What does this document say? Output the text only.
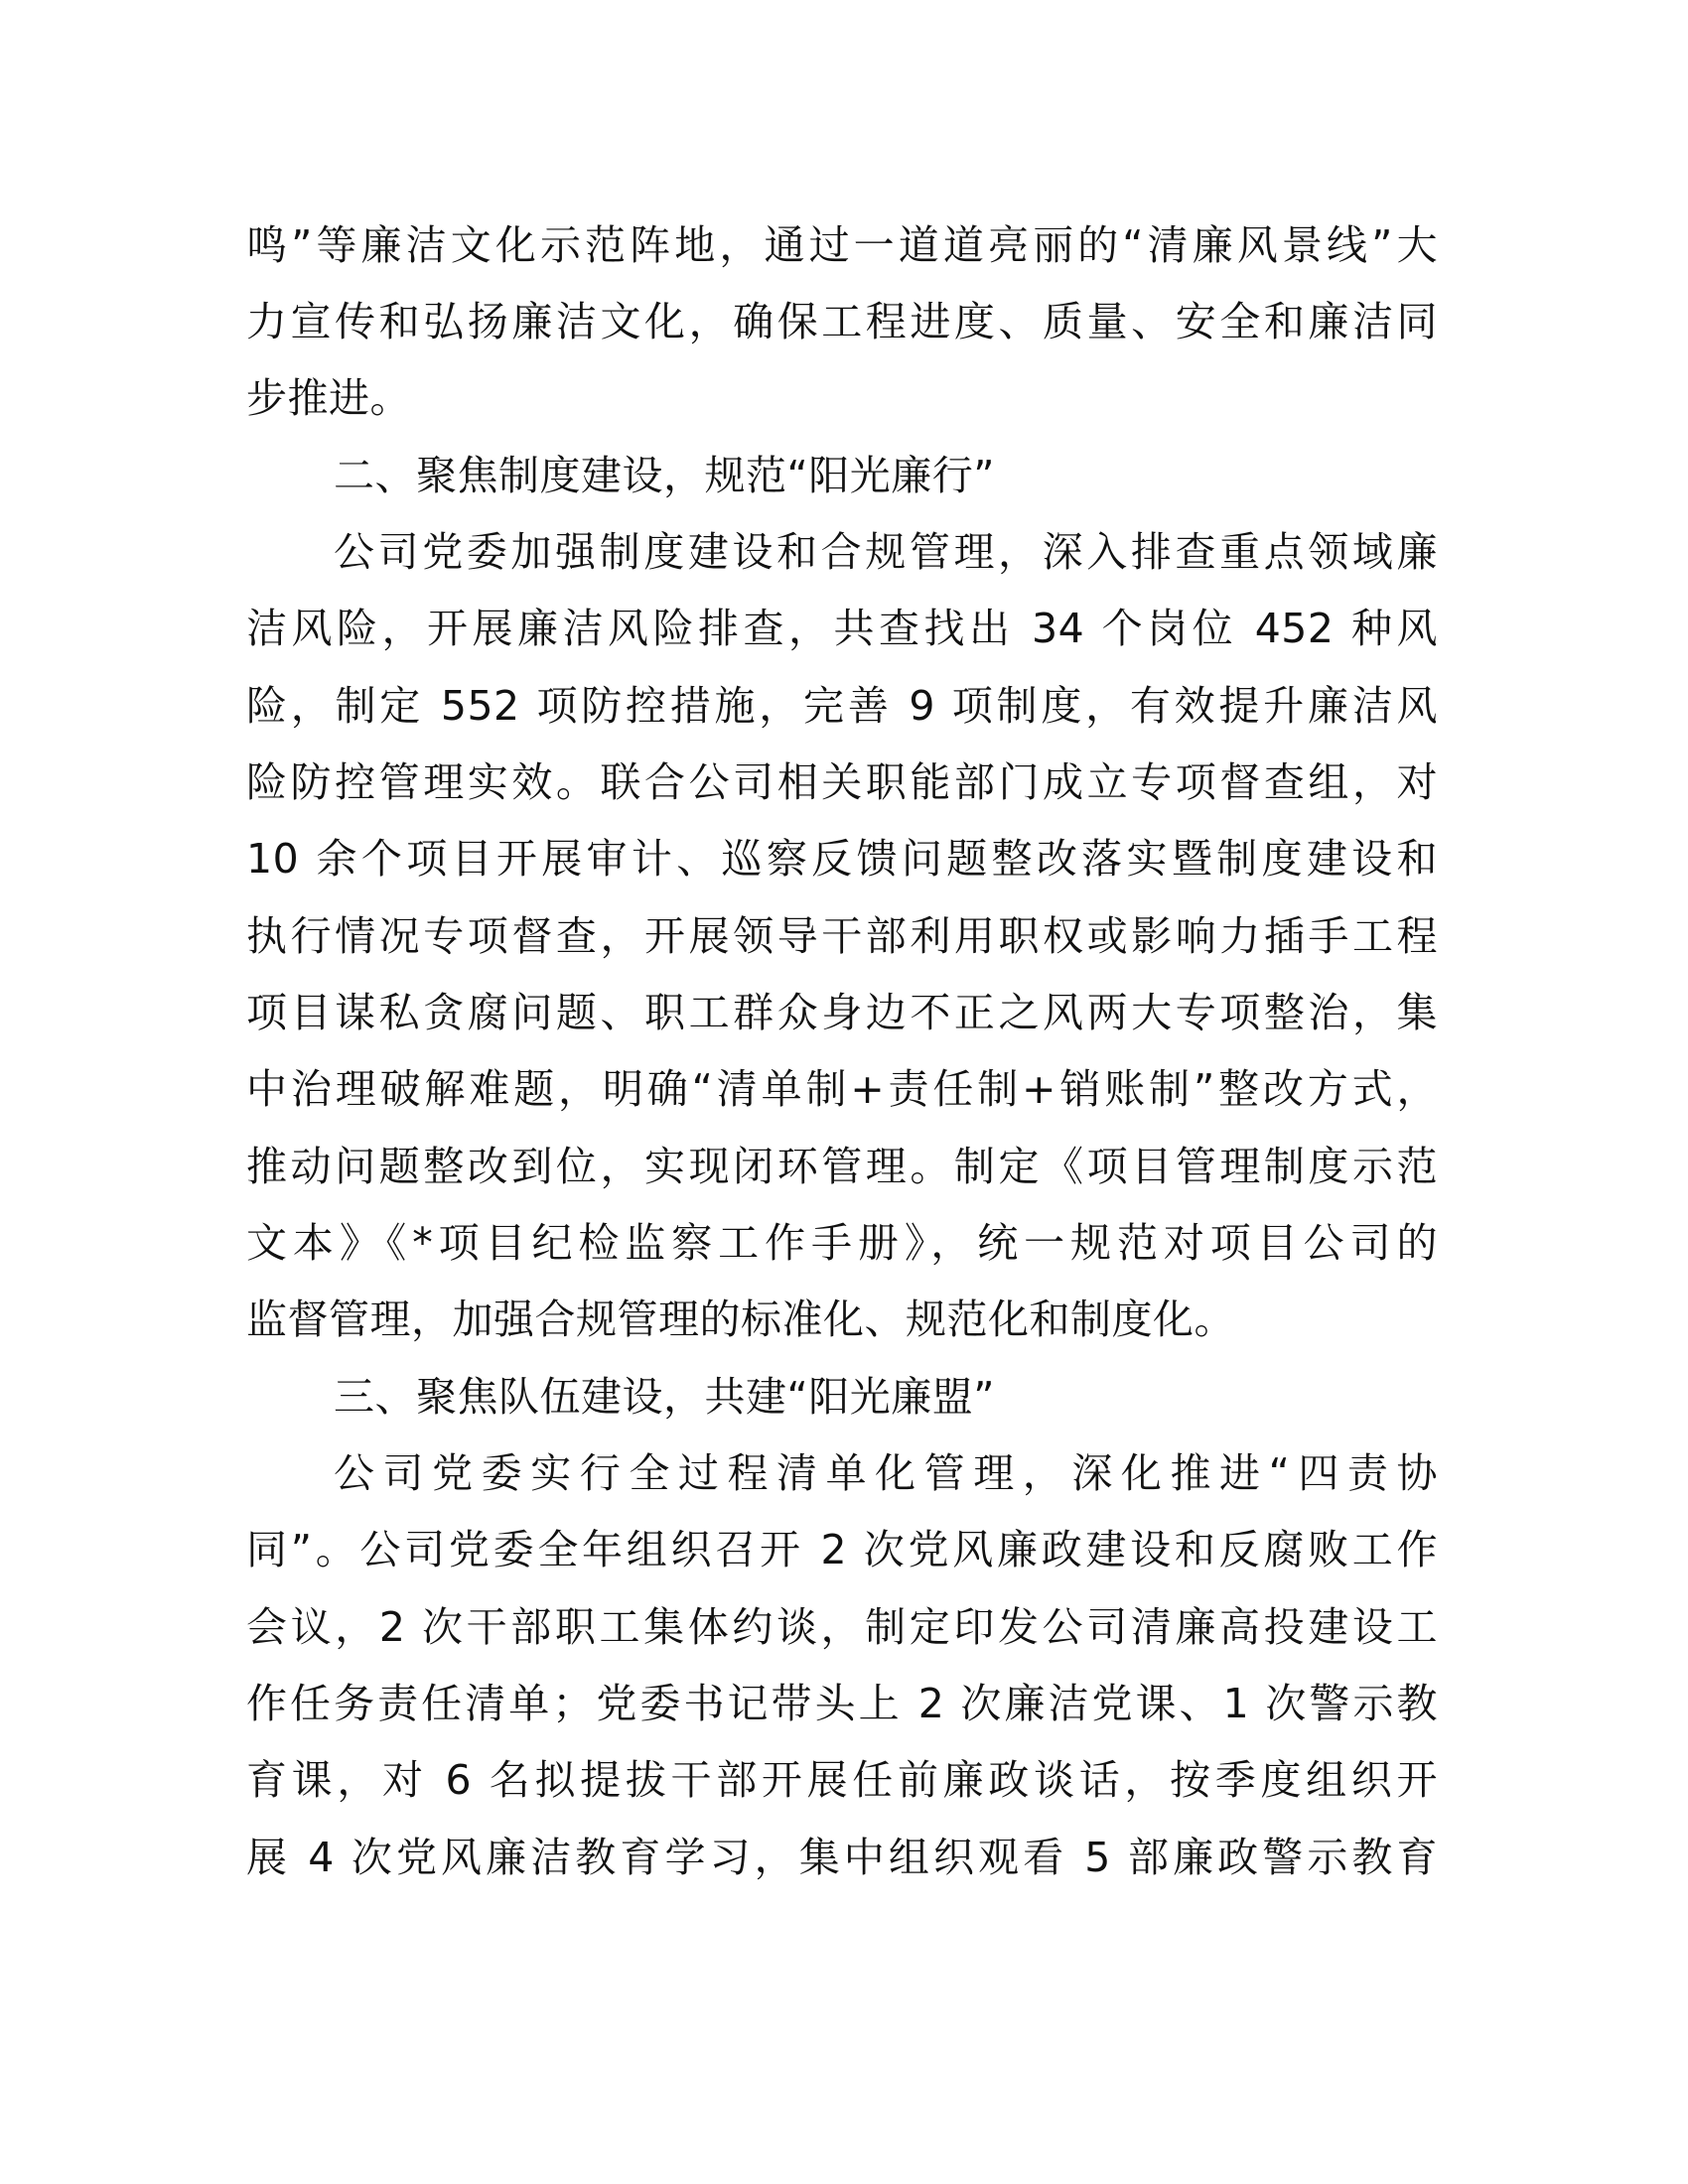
鸣”等廉洁文化示范阵地，通过一道道亮丽的“清廉风景线”大
力宣传和弘扬廉洁文化，确保工程进度、质量、安全和廉洁同
步推进。
二、聚焦制度建设，规范“阳光廉行”
公司党委加强制度建设和合规管理，深入排查重点领域廉
洁风险，开展廉洁风险排查，共查找出 34 个岗位 452 种风
险，制定 552 项防控措施，完善 9 项制度，有效提升廉洁风
险防控管理实效。联合公司相关职能部门成立专项督查组，对
10 余个项目开展审计、巡察反馈问题整改落实暨制度建设和
执行情况专项督查，开展领导干部利用职权或影响力插手工程
项目谋私贪腐问题、职工群众身边不正之风两大专项整治，集
中治理破解难题，明确“清单制+责任制+销账制”整改方式，
推动问题整改到位，实现闭环管理。制定《项目管理制度示范
文本》《*项目纪检监察工作手册》，统一规范对项目公司的
监督管理，加强合规管理的标准化、规范化和制度化。
三、聚焦队伍建设，共建“阳光廉盟”
公司党委实行全过程清单化管理，深化推进“四责协
同”。公司党委全年组织召开 2 次党风廉政建设和反腐败工作
会议，2 次干部职工集体约谈，制定印发公司清廉高投建设工
作任务责任清单；党委书记带头上 2 次廉洁党课、1 次警示教
育课，对 6 名拟提拔干部开展任前廉政谈话，按季度组织开
展 4 次党风廉洁教育学习，集中组织观看 5 部廉政警示教育
